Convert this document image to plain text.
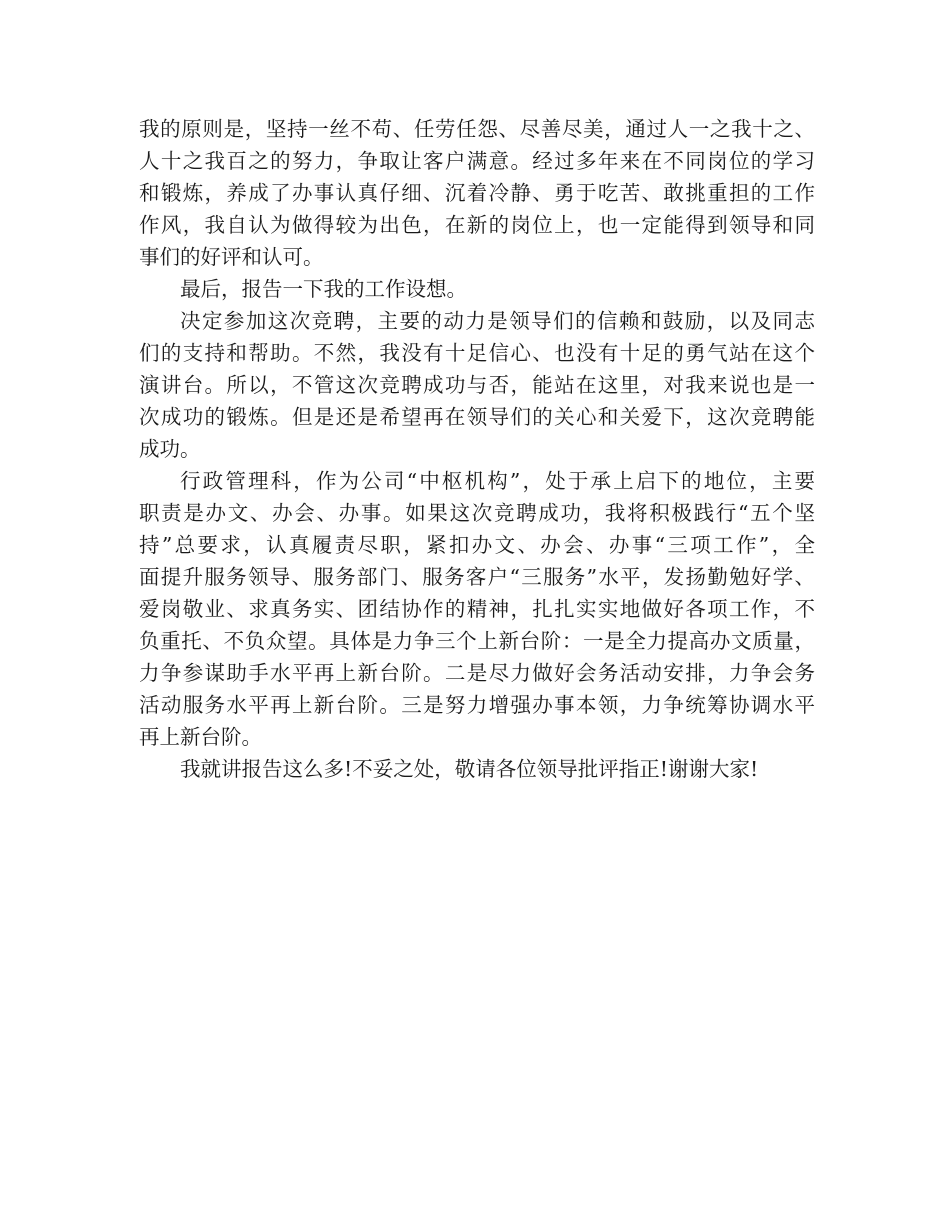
我的原则是，坚持一丝不苟、任劳任怨、尽善尽美，通过人一之我十之、
人十之我百之的努力，争取让客户满意。经过多年来在不同岗位的学习
和锻炼，养成了办事认真仔细、沉着冷静、勇于吃苦、敢挑重担的工作
作风，我自认为做得较为出色，在新的岗位上，也一定能得到领导和同
事们的好评和认可。

最后，报告一下我的工作设想。

决定参加这次竞聘，主要的动力是领导们的信赖和鼓励，以及同志
们的支持和帮助。不然，我没有十足信心、也没有十足的勇气站在这个
演讲台。所以，不管这次竞聘成功与否，能站在这里，对我来说也是一
次成功的锻炼。但是还是希望再在领导们的关心和关爱下，这次竞聘能
成功。

行政管理科，作为公司“中枢机构”，处于承上启下的地位，主要
职责是办文、办会、办事。如果这次竞聘成功，我将积极践行“五个坚
持”总要求，认真履责尽职，紧扣办文、办会、办事“三项工作”，全
面提升服务领导、服务部门、服务客户“三服务”水平，发扬勤勉好学、
爱岗敬业、求真务实、团结协作的精神，扎扎实实地做好各项工作，不
负重托、不负众望。具体是力争三个上新台阶：一是全力提高办文质量，
力争参谋助手水平再上新台阶。二是尽力做好会务活动安排，力争会务
活动服务水平再上新台阶。三是努力增强办事本领，力争统筹协调水平
再上新台阶。

我就讲报告这么多!不妥之处，敬请各位领导批评指正!谢谢大家!
